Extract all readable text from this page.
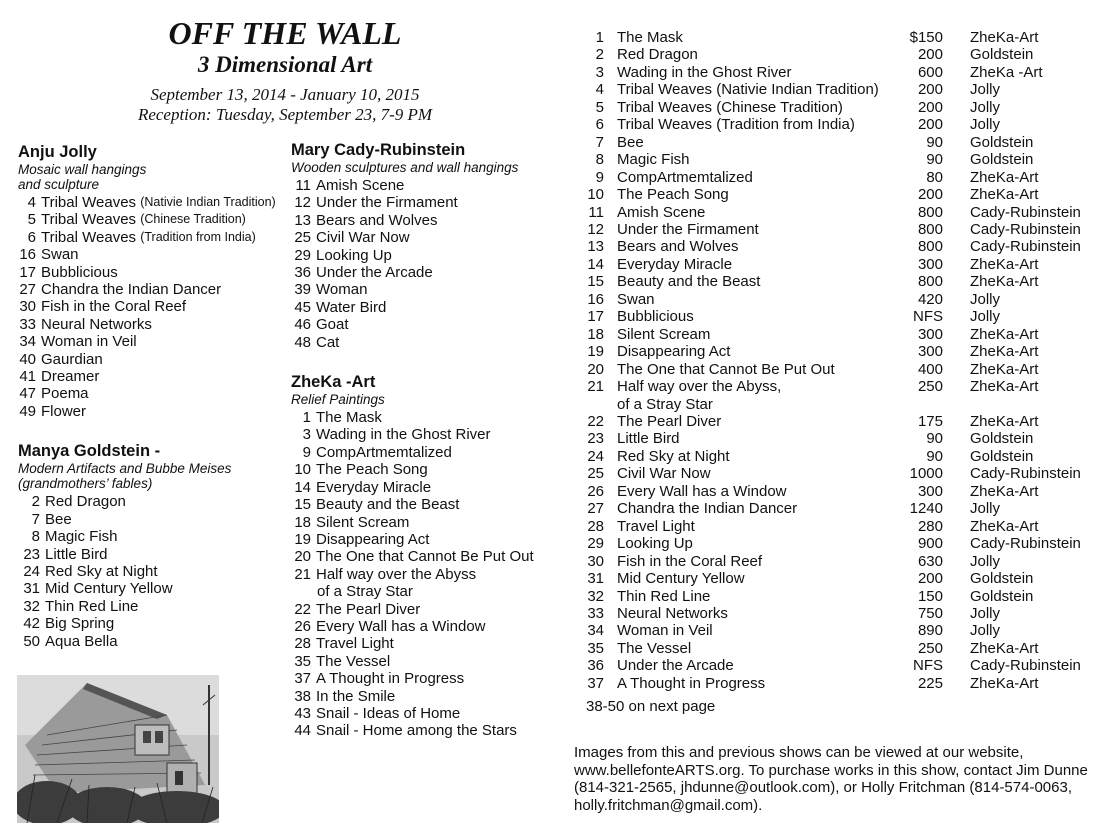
OFF THE WALL
3 Dimensional Art
September 13, 2014 - January 10, 2015
Reception: Tuesday, September 23, 7-9 PM
Anju Jolly
Mosaic wall hangings
and sculpture
4 Tribal Weaves
(Nativie Indian Tradition)
5 Tribal Weaves
(Chinese Tradition)
6 Tribal Weaves
(Tradition from India)
16 Swan
17 Bubblicious
27 Chandra the Indian Dancer
30 Fish in the Coral Reef
33 Neural Networks
34 Woman in Veil
40 Gaurdian
41 Dreamer
47 Poema
49 Flower
Manya Goldstein -
Modern Artifacts and Bubbe Meises
(grandmothers’ fables)
2 Red Dragon
7 Bee
8 Magic Fish
23 Little Bird
24 Red Sky at Night
31 Mid Century Yellow
32 Thin Red Line
42 Big Spring
50 Aqua Bella
Mary Cady-Rubinstein
Wooden sculptures and wall hangings
11 Amish Scene
12 Under the Firmament
13 Bears and Wolves
25 Civil War Now
29 Looking Up
36 Under the Arcade
39 Woman
45 Water Bird
46 Goat
48 Cat
ZheKa -Art
Relief Paintings
1 The Mask
3 Wading in the Ghost River
9 CompArtmemtalized
10 The Peach Song
14 Everyday Miracle
15 Beauty and the Beast
18 Silent Scream
19 Disappearing Act
20 The One that Cannot Be Put Out
21 Half way over the Abyss
of a Stray Star
22 The Pearl Diver
26 Every Wall has a Window
28 Travel Light
35 The Vessel
37 A Thought in Progress
38 In the Smile
43 Snail - Ideas of Home
44 Snail - Home among the Stars
1 The Mask	$150	ZheKa-Art
2 Red Dragon	200	Goldstein
3 Wading in the Ghost River	600	ZheKa -Art
4 Tribal Weaves (Nativie Indian Tradition)	200	Jolly
5 Tribal Weaves (Chinese Tradition)	200	Jolly
6 Tribal Weaves (Tradition from India)	200	Jolly
7 Bee	90	Goldstein
8 Magic Fish	90	Goldstein
9 CompArtmemtalized	80	ZheKa-Art
10 The Peach Song	200	ZheKa-Art
11 Amish Scene	800	Cady-Rubinstein
12 Under the Firmament	800	Cady-Rubinstein
13 Bears and Wolves	800	Cady-Rubinstein
14 Everyday Miracle	300	ZheKa-Art
15 Beauty and the Beast	800	ZheKa-Art
16 Swan	420	Jolly
17 Bubblicious	NFS	Jolly
18 Silent Scream	300	ZheKa-Art
19 Disappearing Act	300	ZheKa-Art
20 The One that Cannot Be Put Out	400	ZheKa-Art
21 Half way over the Abyss,	250	ZheKa-Art
of a Stray Star
22 The Pearl Diver	175	ZheKa-Art
23 Little Bird	90	Goldstein
24 Red Sky at Night	90	Goldstein
25 Civil War Now	1000	Cady-Rubinstein
26 Every Wall has a Window	300	ZheKa-Art
27 Chandra the Indian Dancer	1240	Jolly
28 Travel Light	280	ZheKa-Art
29 Looking Up	900	Cady-Rubinstein
30 Fish in the Coral Reef	630	Jolly
31 Mid Century Yellow	200	Goldstein
32 Thin Red Line	150	Goldstein
33 Neural Networks	750	Jolly
34 Woman in Veil	890	Jolly
35 The Vessel	250	ZheKa-Art
36 Under the Arcade	NFS	Cady-Rubinstein
37 A Thought in Progress	225	ZheKa-Art
38-50 on next page
Images from this and previous shows can be viewed at our website, www.bellefonteARTS.org. To purchase works in this show, contact Jim Dunne (814-321-2565, jhdunne@outlook.com), or Holly Fritchman (814-574-0063, holly.fritchman@gmail.com).
